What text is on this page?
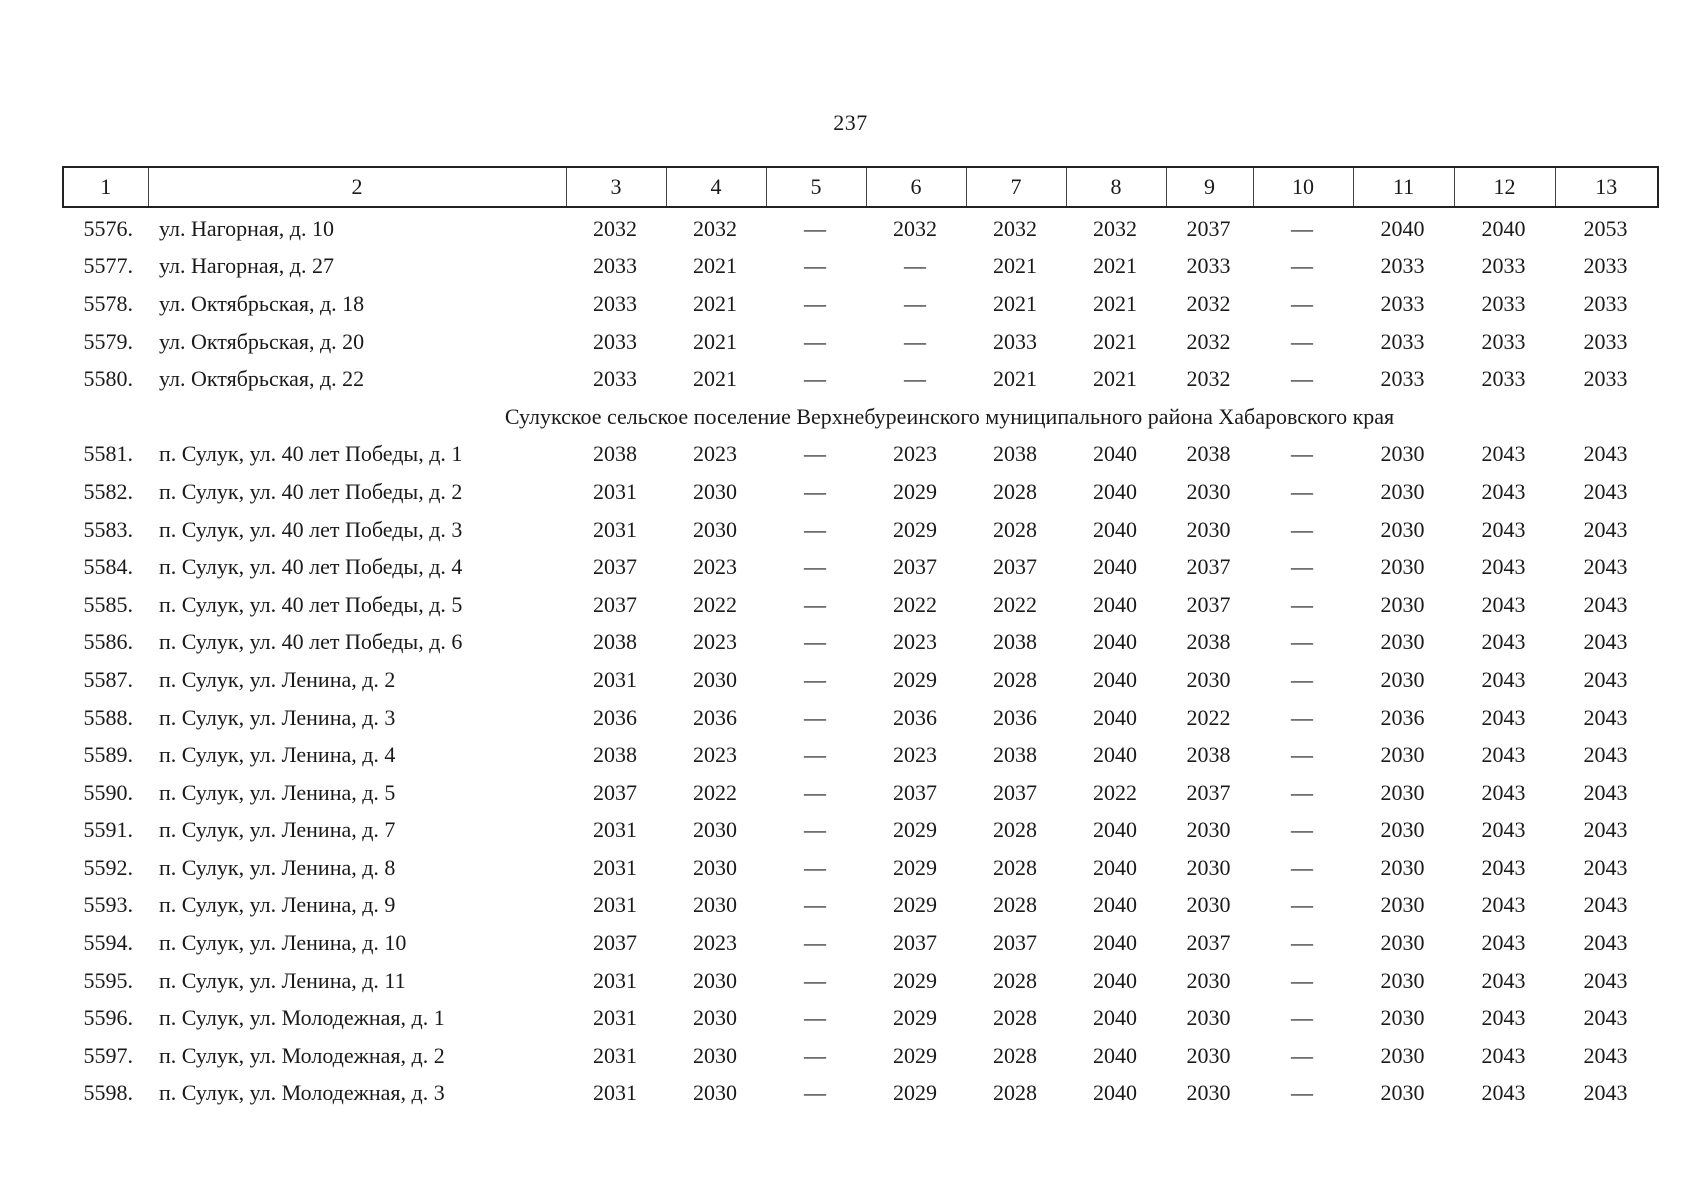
237
1	2	3	4	5	6	7	8	9	10	11	12	13
5576.	ул. Нагорная, д. 10	2032	2032	—	2032	2032	2032	2037	—	2040	2040	2053
5577.	ул. Нагорная, д. 27	2033	2021	—	—	2021	2021	2033	—	2033	2033	2033
5578.	ул. Октябрьская, д. 18	2033	2021	—	—	2021	2021	2032	—	2033	2033	2033
5579.	ул. Октябрьская, д. 20	2033	2021	—	—	2033	2021	2032	—	2033	2033	2033
5580.	ул. Октябрьская, д. 22	2033	2021	—	—	2021	2021	2032	—	2033	2033	2033
Сулукское сельское поселение Верхнебуреинского муниципального района Хабаровского края												
5581.	п. Сулук, ул. 40 лет Победы, д. 1	2038	2023	—	2023	2038	2040	2038	—	2030	2043	2043
5582.	п. Сулук, ул. 40 лет Победы, д. 2	2031	2030	—	2029	2028	2040	2030	—	2030	2043	2043
5583.	п. Сулук, ул. 40 лет Победы, д. 3	2031	2030	—	2029	2028	2040	2030	—	2030	2043	2043
5584.	п. Сулук, ул. 40 лет Победы, д. 4	2037	2023	—	2037	2037	2040	2037	—	2030	2043	2043
5585.	п. Сулук, ул. 40 лет Победы, д. 5	2037	2022	—	2022	2022	2040	2037	—	2030	2043	2043
5586.	п. Сулук, ул. 40 лет Победы, д. 6	2038	2023	—	2023	2038	2040	2038	—	2030	2043	2043
5587.	п. Сулук, ул. Ленина, д. 2	2031	2030	—	2029	2028	2040	2030	—	2030	2043	2043
5588.	п. Сулук, ул. Ленина, д. 3	2036	2036	—	2036	2036	2040	2022	—	2036	2043	2043
5589.	п. Сулук, ул. Ленина, д. 4	2038	2023	—	2023	2038	2040	2038	—	2030	2043	2043
5590.	п. Сулук, ул. Ленина, д. 5	2037	2022	—	2037	2037	2022	2037	—	2030	2043	2043
5591.	п. Сулук, ул. Ленина, д. 7	2031	2030	—	2029	2028	2040	2030	—	2030	2043	2043
5592.	п. Сулук, ул. Ленина, д. 8	2031	2030	—	2029	2028	2040	2030	—	2030	2043	2043
5593.	п. Сулук, ул. Ленина, д. 9	2031	2030	—	2029	2028	2040	2030	—	2030	2043	2043
5594.	п. Сулук, ул. Ленина, д. 10	2037	2023	—	2037	2037	2040	2037	—	2030	2043	2043
5595.	п. Сулук, ул. Ленина, д. 11	2031	2030	—	2029	2028	2040	2030	—	2030	2043	2043
5596.	п. Сулук, ул. Молодежная, д. 1	2031	2030	—	2029	2028	2040	2030	—	2030	2043	2043
5597.	п. Сулук, ул. Молодежная, д. 2	2031	2030	—	2029	2028	2040	2030	—	2030	2043	2043
5598.	п. Сулук, ул. Молодежная, д. 3	2031	2030	—	2029	2028	2040	2030	—	2030	2043	2043
